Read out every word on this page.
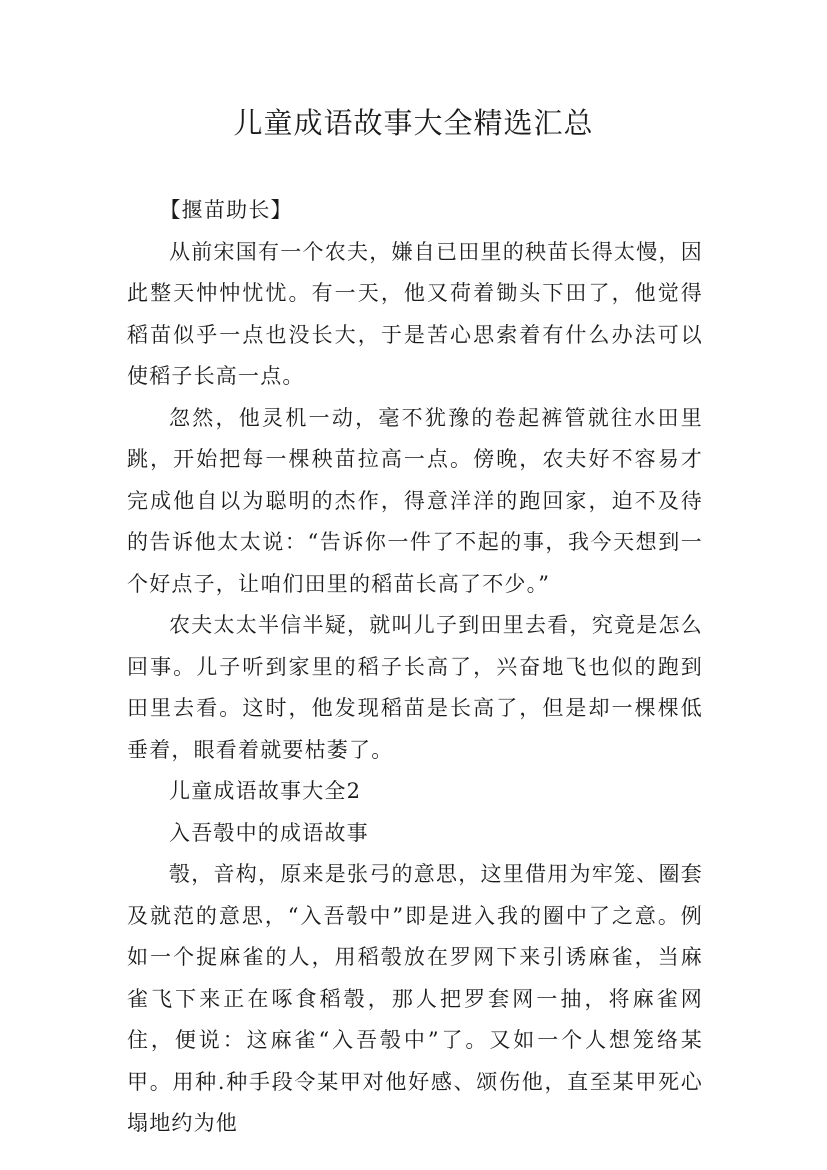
儿童成语故事大全精选汇总

【揠苗助长】

从前宋国有一个农夫，嫌自已田里的秧苗长得太慢，因此整天忡忡忧忧。有一天，他又荷着锄头下田了，他觉得稻苗似乎一点也没长大，于是苦心思索着有什么办法可以使稻子长高一点。

忽然，他灵机一动，毫不犹豫的卷起裤管就往水田里跳，开始把每一棵秧苗拉高一点。傍晚，农夫好不容易才完成他自以为聪明的杰作，得意洋洋的跑回家，迫不及待的告诉他太太说：“告诉你一件了不起的事，我今天想到一个好点子，让咱们田里的稻苗长高了不少。”

农夫太太半信半疑，就叫儿子到田里去看，究竟是怎么回事。儿子听到家里的稻子长高了，兴奋地飞也似的跑到田里去看。这时，他发现稻苗是长高了，但是却一棵棵低垂着，眼看着就要枯萎了。

儿童成语故事大全2

入吾彀中的成语故事

彀，音构，原来是张弓的意思，这里借用为牢笼、圈套及就范的意思，“入吾彀中”即是进入我的圈中了之意。例如一个捉麻雀的人，用稻彀放在罗网下来引诱麻雀，当麻雀飞下来正在啄食稻彀，那人把罗套网一抽，将麻雀网住，便说：这麻雀“入吾彀中”了。又如一个人想笼络某甲。用种.种手段令某甲对他好感、颂伤他，直至某甲死心塌地约为他
